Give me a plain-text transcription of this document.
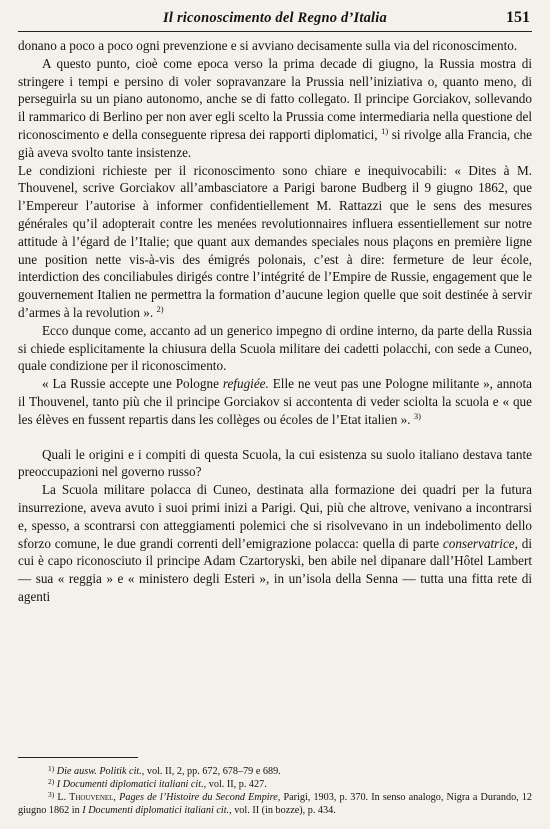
Il riconoscimento del Regno d’Italia	151

donano a poco a poco ogni prevenzione e si avviano decisamente sulla via del riconoscimento.

A questo punto, cioè come epoca verso la prima decade di giugno, la Russia mostra di stringere i tempi e persino di voler sopravanzare la Prussia nell’iniziativa o, quanto meno, di perseguirla su un piano autonomo, anche se di fatto collegato. Il principe Gorciakov, sollevando il rammarico di Berlino per non aver egli scelto la Prussia come intermediaria nella questione del riconoscimento e della conseguente ripresa dei rapporti diplomatici, $^{1)}$ si rivolge alla Francia, che già aveva svolto tante insistenze.

Le condizioni richieste per il riconoscimento sono chiare e inequivocabili: « Dites à M. Thouvenel, scrive Gorciakov all’ambasciatore a Parigi barone Budberg il 9 giugno 1862, que l’Empereur l’autorise à informer confidentiellement M. Rattazzi que le sens des mesures générales qu’il adopterait contre les menées revolutionnaires influera essentiellement sur notre attitude à l’égard de l’Italie; que quant aux demandes speciales nous plaçons en première ligne une position nette vis-à-vis des émigrés polonais, c’est à dire: fermeture de leur école, interdiction des conciliabules dirigés contre l’intégrité de l’Empire de Russie, engagement que le gouvernement Italien ne permettra la formation d’aucune legion quelle que soit destinée à servir d’armes à la revolution ». $^{2)}$

Ecco dunque come, accanto ad un generico impegno di ordine interno, da parte della Russia si chiede esplicitamente la chiusura della Scuola militare dei cadetti polacchi, con sede a Cuneo, quale condizione per il riconoscimento.

« La Russie accepte une Pologne refugiée. Elle ne veut pas une Pologne militante », annota il Thouvenel, tanto più che il principe Gorciakov si accontenta di veder sciolta la scuola e « que les élèves en fussent repartis dans les collèges ou écoles de l’Etat italien ». $^{3)}$

Quali le origini e i compiti di questa Scuola, la cui esistenza su suolo italiano destava tante preoccupazioni nel governo russo?

La Scuola militare polacca di Cuneo, destinata alla formazione dei quadri per la futura insurrezione, aveva avuto i suoi primi inizi a Parigi. Qui, più che altrove, venivano a incontrarsi e, spesso, a scontrarsi con atteggiamenti polemici che si risolvevano in un indebolimento dello sforzo comune, le due grandi correnti dell’emigrazione polacca: quella di parte conservatrice, di cui è capo riconosciuto il principe Adam Czartoryski, ben abile nel dipanare dall’Hôtel Lambert — sua « reggia » e « ministero degli Esteri », in un’isola della Senna — tutta una fitta rete di agenti

$^{1)}$ Die ausw. Politik cit., vol. II, 2, pp. 672, 678–79 e 689.

$^{2)}$ I Documenti diplomatici italiani cit., vol. II, p. 427.

$^{3)}$ L. Thouvenel, Pages de l’Histoire du Second Empire, Parigi, 1903, p. 370. In senso analogo, Nigra a Durando, 12 giugno 1862 in I Documenti diplomatici italiani cit., vol. II (in bozze), p. 434.
